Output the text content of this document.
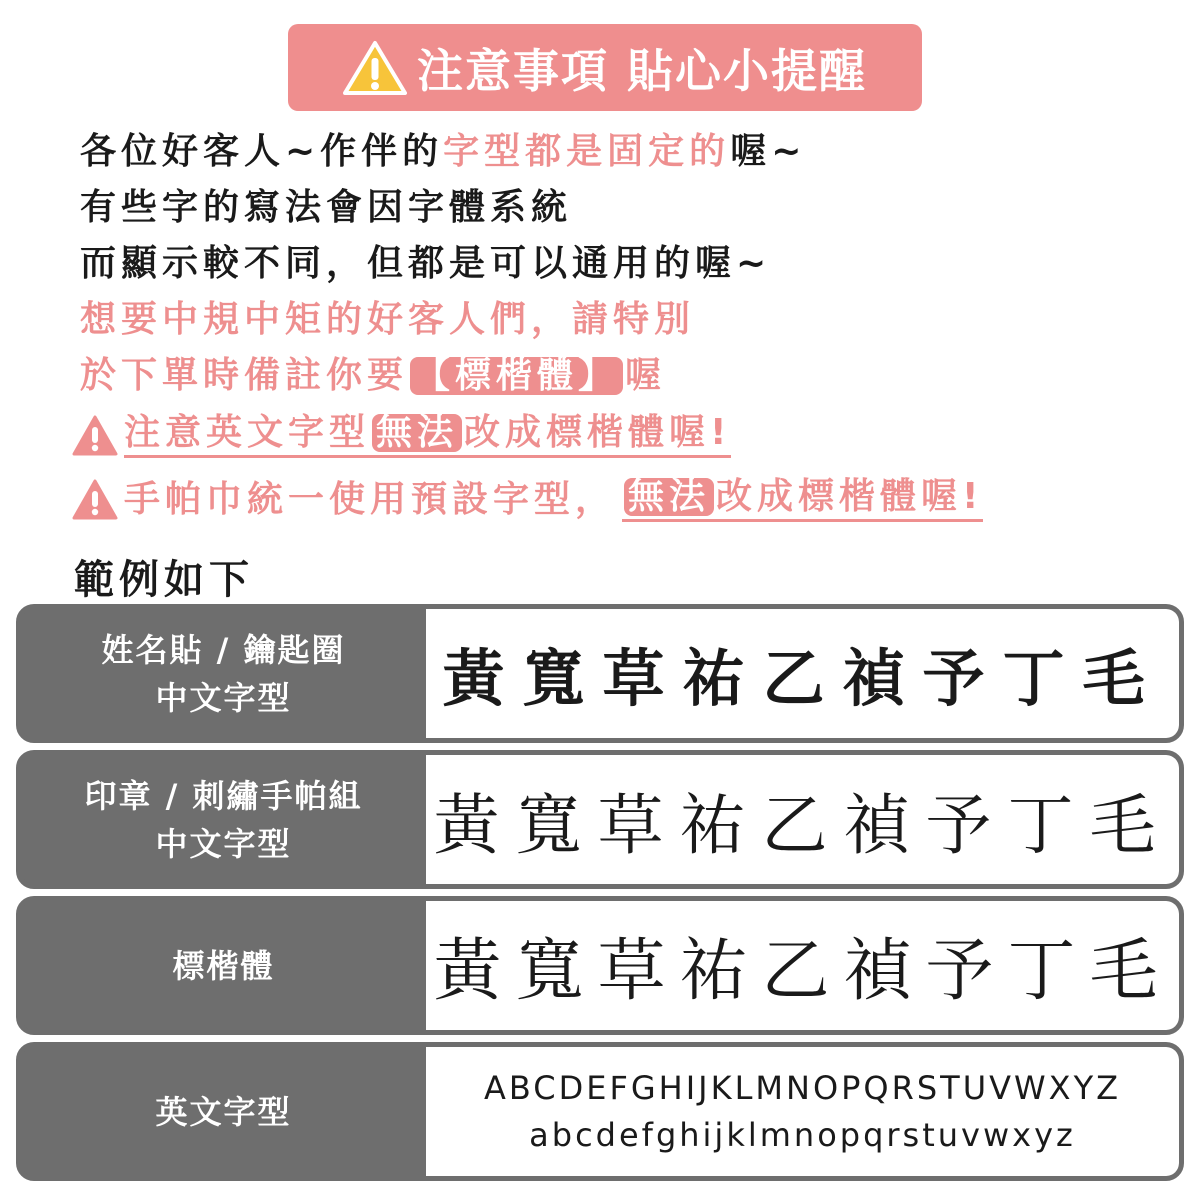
注意事項 貼心小提醒
各位好客人~作伴的字型都是固定的喔~
有些字的寫法會因字體系統
而顯示較不同，但都是可以通用的喔~
想要中規中矩的好客人們，請特別
於下單時備註你要 【標楷體】 喔
注意英文字型 無法 改成標楷體喔!
手帕巾統一使用預設字型， 無法 改成標楷體喔!
範例如下
姓名貼 / 鑰匙圈
中文字型 黃寬草祐乙禎予丁毛
印章 / 刺繡手帕組
中文字型 黃寬草祐乙禎予丁毛
標楷體 黃寬草祐乙禎予丁毛
英文字型
ABCDEFGHIJKLMNOPQRSTUVWXYZ
abcdefghijklmnopqrstuvwxyz
